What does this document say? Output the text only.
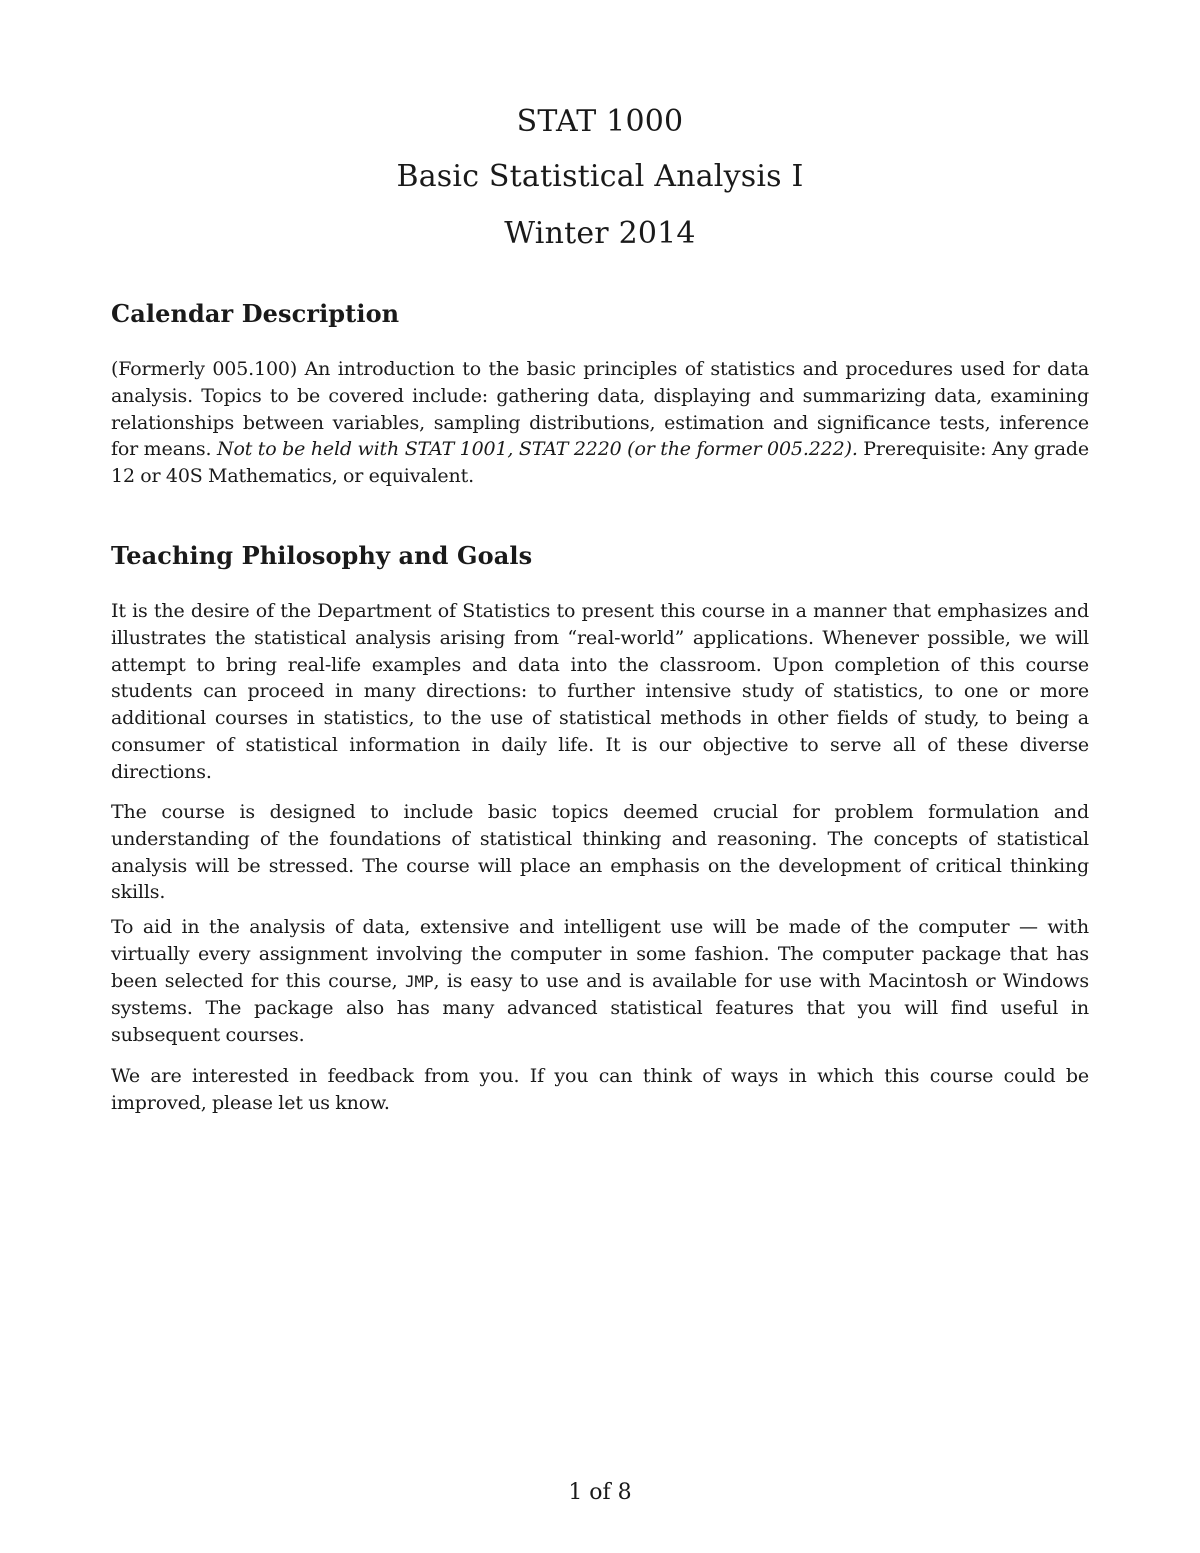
STAT 1000
Basic Statistical Analysis I
Winter 2014
Calendar Description

(Formerly 005.100) An introduction to the basic principles of statistics and procedures used for data analysis. Topics to be covered include: gathering data, displaying and summarizing data, examining relationships between variables, sampling distributions, estimation and significance tests, inference for means. Not to be held with STAT 1001, STAT 2220 (or the former 005.222). Prerequisite: Any grade 12 or 40S Mathematics, or equivalent.

Teaching Philosophy and Goals

It is the desire of the Department of Statistics to present this course in a manner that emphasizes and illustrates the statistical analysis arising from “real-world” applications. Whenever possible, we will attempt to bring real-life examples and data into the classroom. Upon completion of this course students can proceed in many directions: to further intensive study of statistics, to one or more additional courses in statistics, to the use of statistical methods in other fields of study, to being a consumer of statistical information in daily life. It is our objective to serve all of these diverse directions.

The course is designed to include basic topics deemed crucial for problem formulation and understanding of the foundations of statistical thinking and reasoning. The concepts of statistical analysis will be stressed. The course will place an emphasis on the development of critical thinking skills.

To aid in the analysis of data, extensive and intelligent use will be made of the computer — with virtually every assignment involving the computer in some fashion. The computer package that has been selected for this course, JMP, is easy to use and is available for use with Macintosh or Windows systems. The package also has many advanced statistical features that you will find useful in subsequent courses.

We are interested in feedback from you. If you can think of ways in which this course could be improved, please let us know.

1 of 8
